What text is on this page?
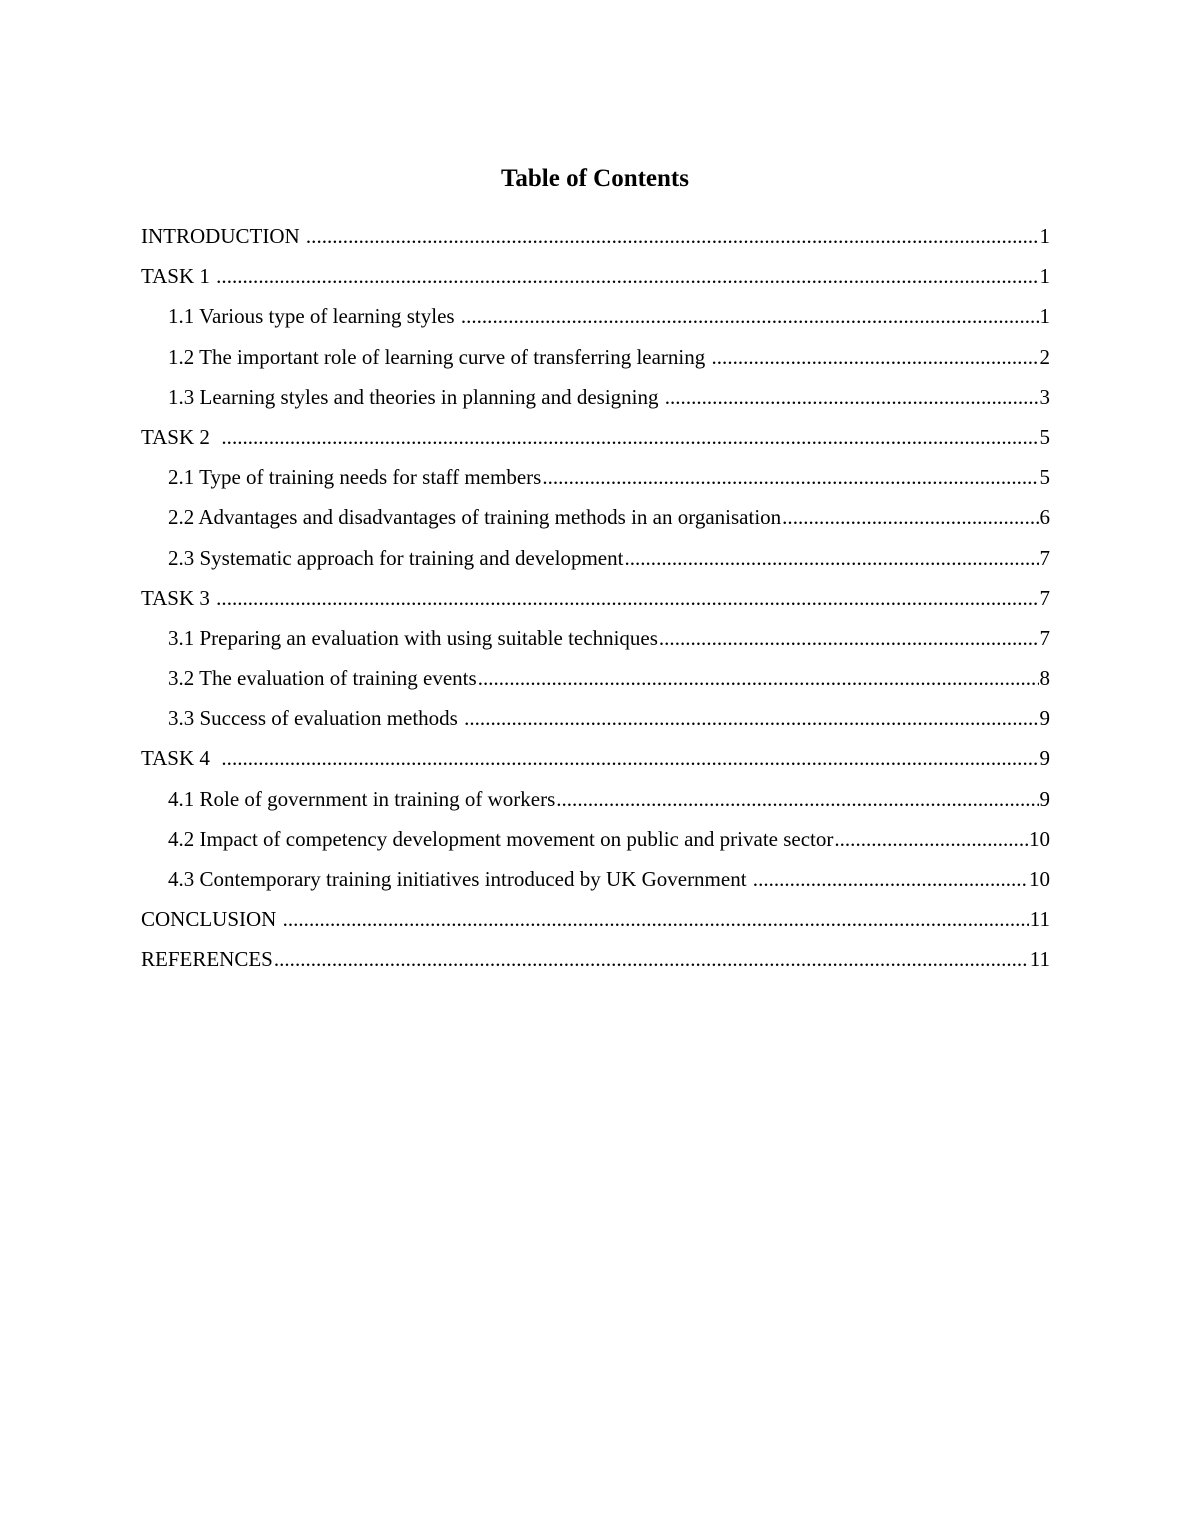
Table of Contents
INTRODUCTION .....	1
TASK 1 .....	1
1.1 Various type of learning styles .....	1
1.2 The important role of learning curve of transferring learning .....	2
1.3 Learning styles and theories in planning and designing .....	3
TASK 2 .....	5
2.1 Type of training needs for staff members .....	5
2.2 Advantages and disadvantages of training methods in an organisation .....	6
2.3 Systematic approach for training and development .....	7
TASK 3 .....	7
3.1 Preparing an evaluation with using suitable techniques .....	7
3.2 The evaluation of training events .....	8
3.3 Success of evaluation methods .....	9
TASK 4 .....	9
4.1 Role of government in training of workers .....	9
4.2 Impact of competency development movement on public and private sector .....	10
4.3 Contemporary training initiatives introduced by UK Government .....	10
CONCLUSION .....	11
REFERENCES .....	11
